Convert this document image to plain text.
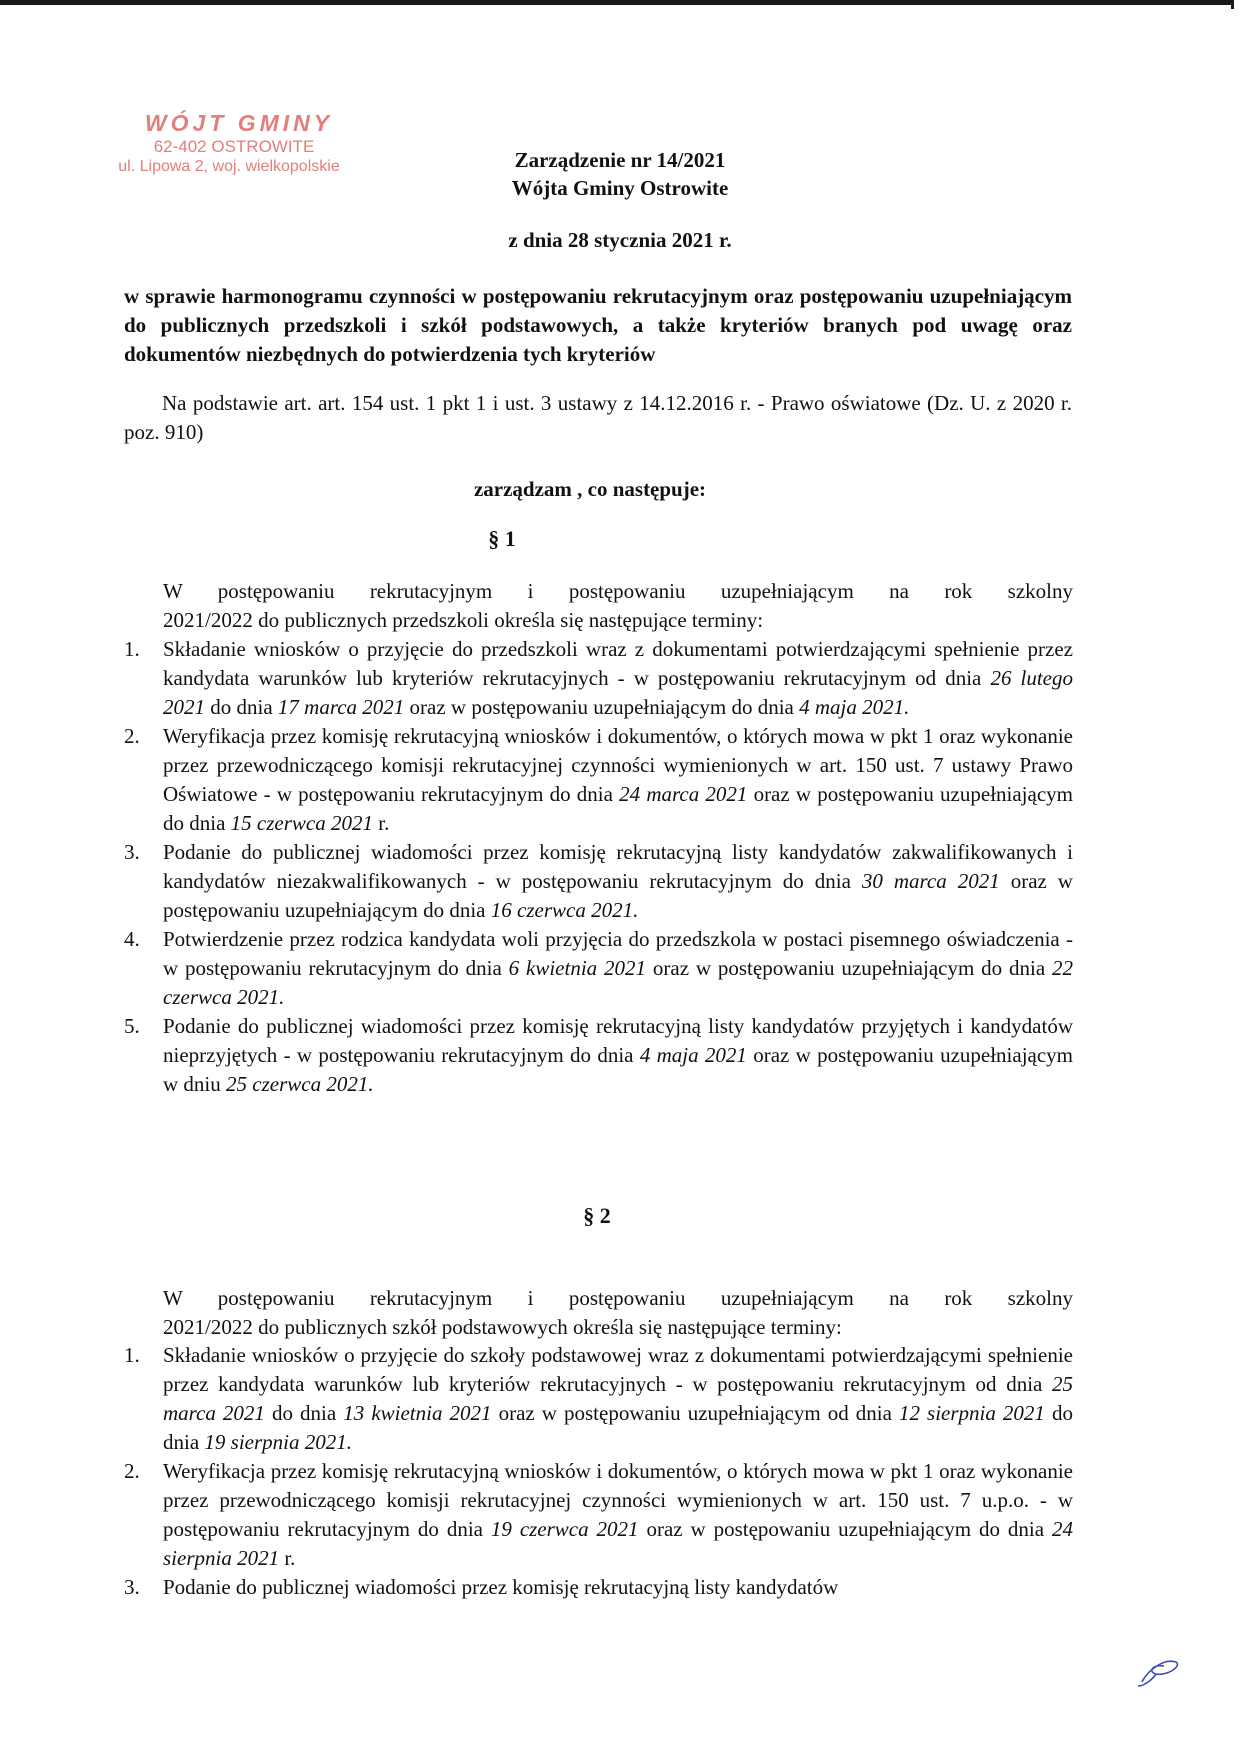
WÓJT GMINY
62-402 OSTROWITE
ul. Lipowa 2, woj. wielkopolskie	Zarządzenie nr 14/2021
Wójta Gminy Ostrowite
z dnia 28 stycznia 2021 r.
w sprawie harmonogramu czynności w postępowaniu rekrutacyjnym oraz postępowaniu uzupełniającym do publicznych przedszkoli i szkół podstawowych, a także kryteriów branych pod uwagę oraz dokumentów niezbędnych do potwierdzenia tych kryteriów
Na podstawie art. art. 154 ust. 1 pkt 1 i ust. 3 ustawy z 14.12.2016 r. - Prawo oświatowe (Dz. U. z 2020 r. poz. 910)
zarządzam , co następuje:
§ 1
W postępowaniu rekrutacyjnym i postępowaniu uzupełniającym na rok szkolny
2021/2022 do publicznych przedszkoli określa się następujące terminy:
1. Składanie wniosków o przyjęcie do przedszkoli wraz z dokumentami potwierdzającymi spełnienie przez kandydata warunków lub kryteriów rekrutacyjnych - w postępowaniu rekrutacyjnym od dnia 26 lutego 2021 do dnia 17 marca 2021 oraz w postępowaniu uzupełniającym do dnia 4 maja 2021.
2. Weryfikacja przez komisję rekrutacyjną wniosków i dokumentów, o których mowa w pkt 1 oraz wykonanie przez przewodniczącego komisji rekrutacyjnej czynności wymienionych w art. 150 ust. 7 ustawy Prawo Oświatowe - w postępowaniu rekrutacyjnym do dnia 24 marca 2021 oraz w postępowaniu uzupełniającym do dnia 15 czerwca 2021 r.
3. Podanie do publicznej wiadomości przez komisję rekrutacyjną listy kandydatów zakwalifikowanych i kandydatów niezakwalifikowanych - w postępowaniu rekrutacyjnym do dnia 30 marca 2021 oraz w postępowaniu uzupełniającym do dnia 16 czerwca 2021.
4. Potwierdzenie przez rodzica kandydata woli przyjęcia do przedszkola w postaci pisemnego oświadczenia - w postępowaniu rekrutacyjnym do dnia 6 kwietnia 2021 oraz w postępowaniu uzupełniającym do dnia 22 czerwca 2021.
5. Podanie do publicznej wiadomości przez komisję rekrutacyjną listy kandydatów przyjętych i kandydatów nieprzyjętych - w postępowaniu rekrutacyjnym do dnia 4 maja 2021 oraz w postępowaniu uzupełniającym w dniu 25 czerwca 2021.
§ 2
W postępowaniu rekrutacyjnym i postępowaniu uzupełniającym na rok szkolny
2021/2022 do publicznych szkół podstawowych określa się następujące terminy:
1. Składanie wniosków o przyjęcie do szkoły podstawowej wraz z dokumentami potwierdzającymi spełnienie przez kandydata warunków lub kryteriów rekrutacyjnych - w postępowaniu rekrutacyjnym od dnia 25 marca 2021 do dnia 13 kwietnia 2021 oraz w postępowaniu uzupełniającym od dnia 12 sierpnia 2021 do dnia 19 sierpnia 2021.
2. Weryfikacja przez komisję rekrutacyjną wniosków i dokumentów, o których mowa w pkt 1 oraz wykonanie przez przewodniczącego komisji rekrutacyjnej czynności wymienionych w art. 150 ust. 7 u.p.o. - w postępowaniu rekrutacyjnym do dnia 19 czerwca 2021 oraz w postępowaniu uzupełniającym do dnia 24 sierpnia 2021 r.
3. Podanie do publicznej wiadomości przez komisję rekrutacyjną listy kandydatów
